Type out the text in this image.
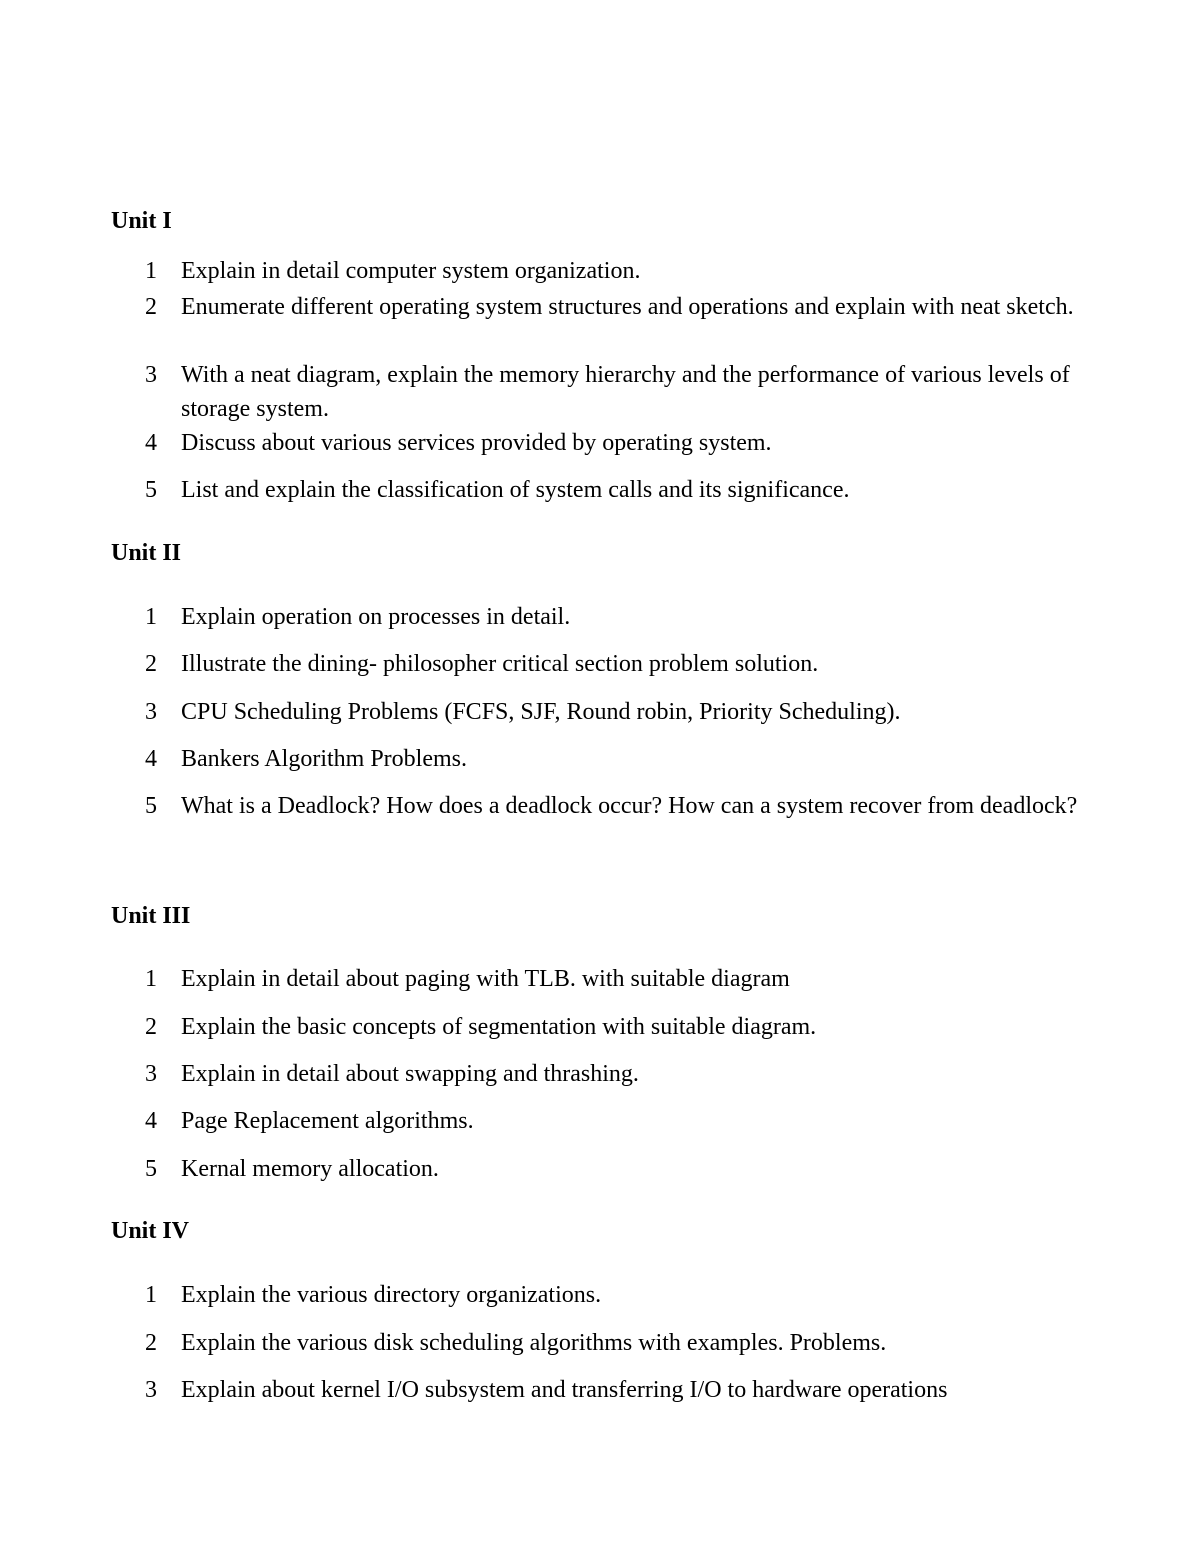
Unit I
1 Explain in detail computer system organization.
2 Enumerate different operating system structures and operations and explain with neat sketch.
3 With a neat diagram, explain the memory hierarchy and the performance of various levels of storage system.
4 Discuss about various services provided by operating system.
5 List and explain the classification of system calls and its significance.
Unit II
1 Explain operation on processes in detail.
2 Illustrate the dining- philosopher critical section problem solution.
3 CPU Scheduling Problems (FCFS, SJF, Round robin, Priority Scheduling).
4 Bankers Algorithm Problems.
5 What is a Deadlock? How does a deadlock occur? How can a system recover from deadlock?
Unit III
1 Explain in detail about paging with TLB. with suitable diagram
2 Explain the basic concepts of segmentation with suitable diagram.
3 Explain in detail about swapping and thrashing.
4 Page Replacement algorithms.
5 Kernal memory allocation.
Unit IV
1 Explain the various directory organizations.
2 Explain the various disk scheduling algorithms with examples. Problems.
3 Explain about kernel I/O subsystem and transferring I/O to hardware operations
